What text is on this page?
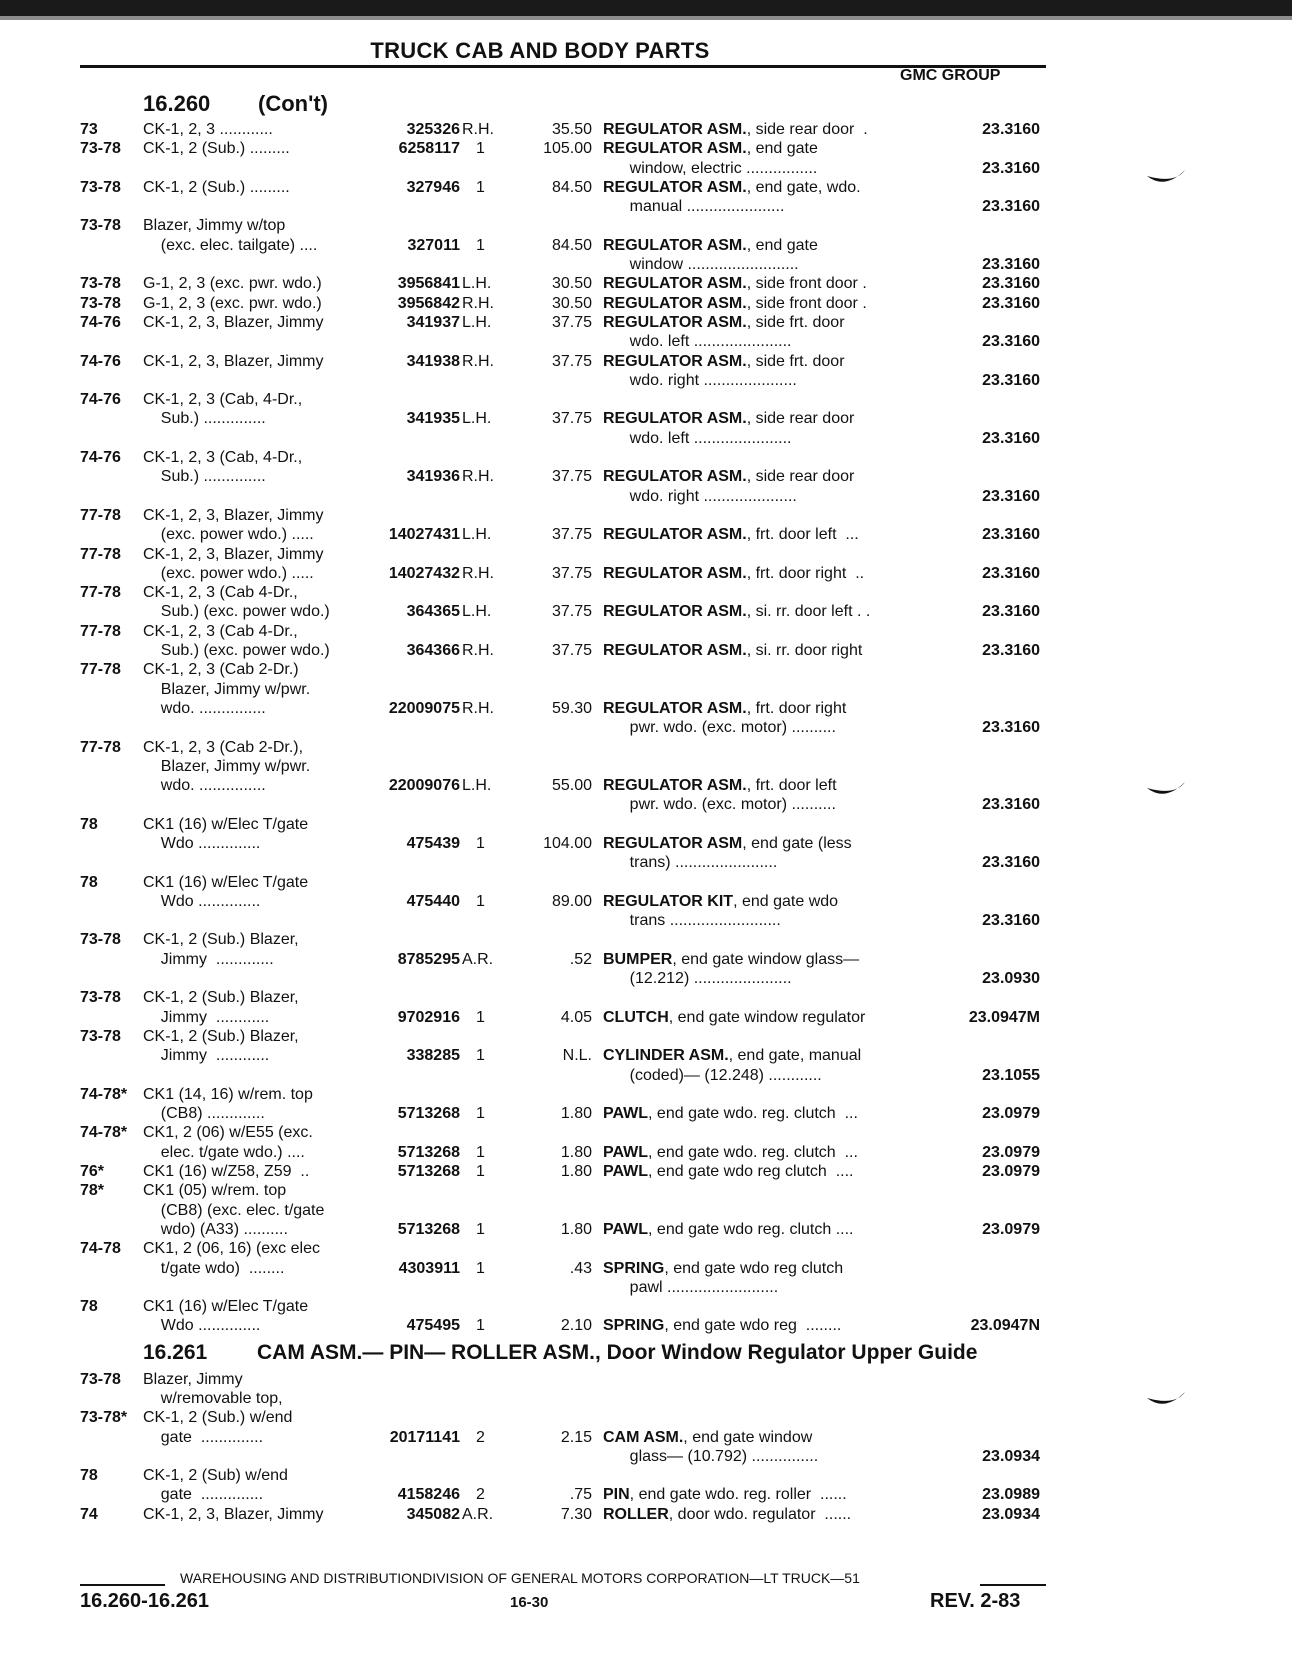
TRUCK CAB AND BODY PARTS
GMC GROUP
16.260 (Con't)
73	CK-1, 2, 3 ............	325326 R.H.	35.50 REGULATOR ASM., side rear door  .	23.3160
73-78	CK-1, 2 (Sub.) .........	6258117 1	105.00 REGULATOR ASM., end gate
window, electric ................	23.3160
73-78	CK-1, 2 (Sub.) .........	327946 1	84.50 REGULATOR ASM., end gate, wdo.
manual ......................	23.3160
73-78	Blazer, Jimmy w/top
(exc. elec. tailgate) ....	327011 1	84.50 REGULATOR ASM., end gate
window .........................	23.3160
73-78	G-1, 2, 3 (exc. pwr. wdo.)	3956841 L.H.	30.50 REGULATOR ASM., side front door .	23.3160
73-78	G-1, 2, 3 (exc. pwr. wdo.)	3956842 R.H.	30.50 REGULATOR ASM., side front door .	23.3160
74-76	CK-1, 2, 3, Blazer, Jimmy	341937 L.H.	37.75 REGULATOR ASM., side frt. door
wdo. left ......................	23.3160
74-76	CK-1, 2, 3, Blazer, Jimmy	341938 R.H.	37.75 REGULATOR ASM., side frt. door
wdo. right .....................	23.3160
74-76	CK-1, 2, 3 (Cab, 4-Dr.,
Sub.) ..............	341935 L.H.	37.75 REGULATOR ASM., side rear door
wdo. left ......................	23.3160
74-76	CK-1, 2, 3 (Cab, 4-Dr.,
Sub.) ..............	341936 R.H.	37.75 REGULATOR ASM., side rear door
wdo. right .....................	23.3160
77-78	CK-1, 2, 3, Blazer, Jimmy
(exc. power wdo.) .....	14027431 L.H.	37.75 REGULATOR ASM., frt. door left  ...	23.3160
77-78	CK-1, 2, 3, Blazer, Jimmy
(exc. power wdo.) .....	14027432 R.H.	37.75 REGULATOR ASM., frt. door right  ..	23.3160
77-78	CK-1, 2, 3 (Cab 4-Dr.,
Sub.) (exc. power wdo.)	364365 L.H.	37.75 REGULATOR ASM., si. rr. door left . .	23.3160
77-78	CK-1, 2, 3 (Cab 4-Dr.,
Sub.) (exc. power wdo.)	364366 R.H.	37.75 REGULATOR ASM., si. rr. door right	23.3160
77-78	CK-1, 2, 3 (Cab 2-Dr.)
Blazer, Jimmy w/pwr.
wdo. ...............	22009075 R.H.	59.30 REGULATOR ASM., frt. door right
pwr. wdo. (exc. motor) ..........	23.3160
77-78	CK-1, 2, 3 (Cab 2-Dr.),
Blazer, Jimmy w/pwr.
wdo. ...............	22009076 L.H.	55.00 REGULATOR ASM., frt. door left
pwr. wdo. (exc. motor) ..........	23.3160
78	CK1 (16) w/Elec T/gate
Wdo ..............	475439 1	104.00 REGULATOR ASM, end gate (less
trans) .......................	23.3160
78	CK1 (16) w/Elec T/gate
Wdo ..............	475440 1	89.00 REGULATOR KIT, end gate wdo
trans .........................	23.3160
73-78	CK-1, 2 (Sub.) Blazer,
Jimmy  .............	8785295 A.R.	.52 BUMPER, end gate window glass—
(12.212) ......................	23.0930
73-78	CK-1, 2 (Sub.) Blazer,
Jimmy  ............	9702916 1	4.05 CLUTCH, end gate window regulator	23.0947M
73-78	CK-1, 2 (Sub.) Blazer,
Jimmy  ............	338285 1	N.L. CYLINDER ASM., end gate, manual
(coded)— (12.248) ............	23.1055
74-78* CK1 (14, 16) w/rem. top
(CB8) .............	5713268 1	1.80 PAWL, end gate wdo. reg. clutch  ...	23.0979
74-78* CK1, 2 (06) w/E55 (exc.
elec. t/gate wdo.) ....	5713268 1	1.80 PAWL, end gate wdo. reg. clutch  ...	23.0979
76*	CK1 (16) w/Z58, Z59  ..	5713268 1	1.80 PAWL, end gate wdo reg clutch  ....	23.0979
78*	CK1 (05) w/rem. top
(CB8) (exc. elec. t/gate
wdo) (A33) ..........	5713268 1	1.80 PAWL, end gate wdo reg. clutch ....	23.0979
74-78	CK1, 2 (06, 16) (exc elec
t/gate wdo)  ........	4303911 1	.43 SPRING, end gate wdo reg clutch
pawl .........................
78	CK1 (16) w/Elec T/gate
Wdo ..............	475495 1	2.10 SPRING, end gate wdo reg  ........	23.0947N
16.261 CAM ASM.— PIN— ROLLER ASM., Door Window Regulator Upper Guide
73-78	Blazer, Jimmy
w/removable top,
73-78* CK-1, 2 (Sub.) w/end
gate  ..............	20171141 2	2.15 CAM ASM., end gate window
glass— (10.792) ...............	23.0934
78	CK-1, 2 (Sub) w/end
gate  ..............	4158246 2	.75 PIN, end gate wdo. reg. roller  ......	23.0989
74	CK-1, 2, 3, Blazer, Jimmy	345082 A.R.	7.30 ROLLER, door wdo. regulator  ......	23.0934
WAREHOUSING AND DISTRIBUTIONDIVISION OF GENERAL MOTORS CORPORATION—LT TRUCK—51
16.260-16.261	16-30	REV. 2-83
